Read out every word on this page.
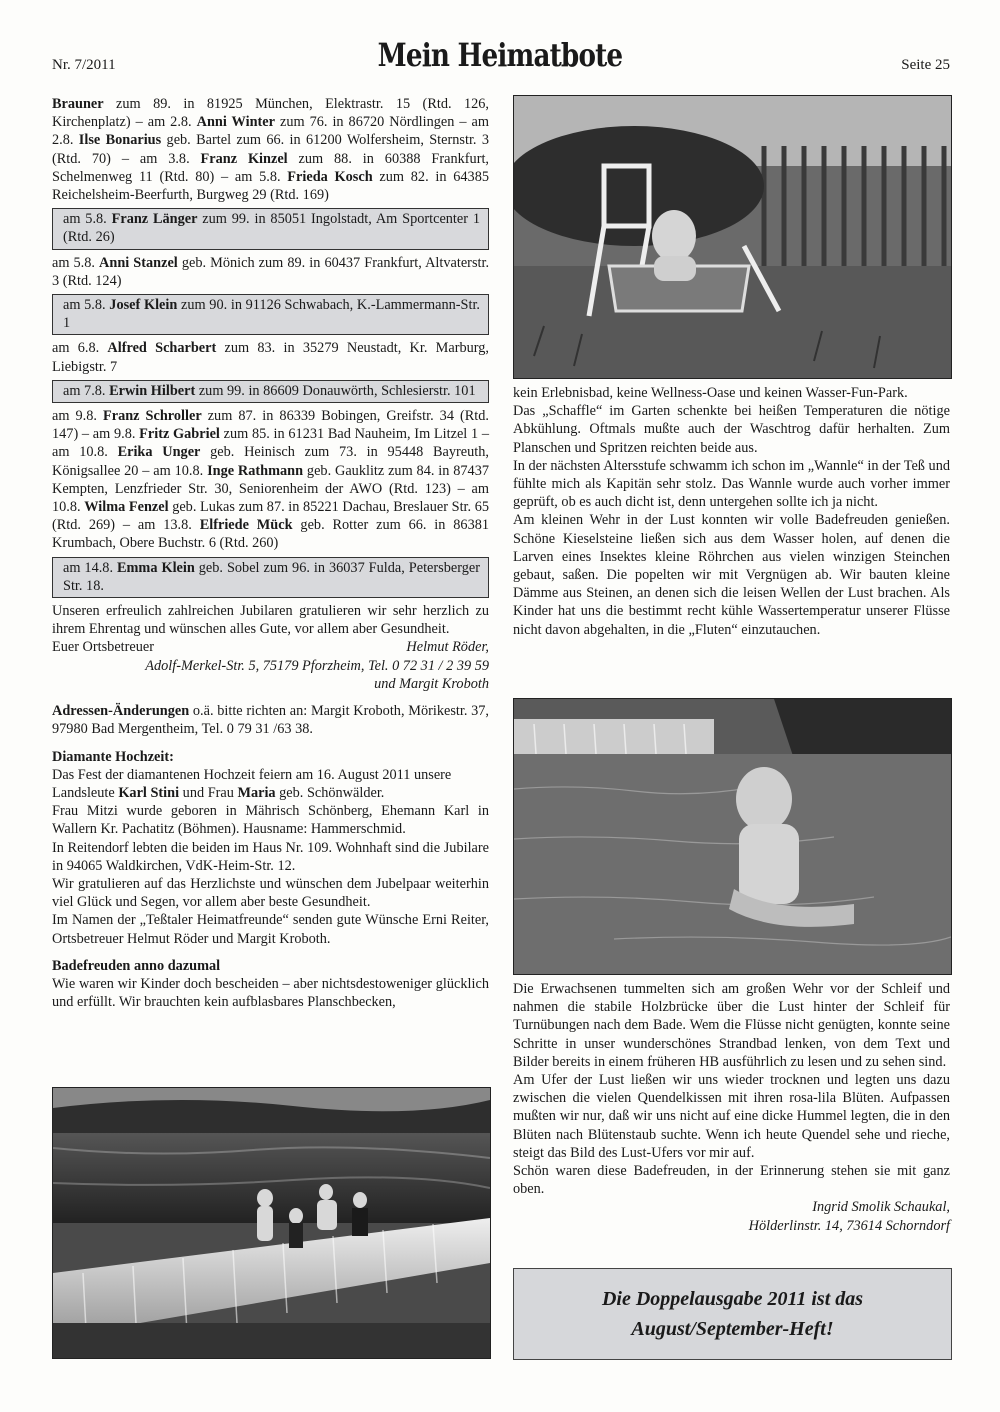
Nr. 7/2011	Mein Heimatbote	Seite 25

Brauner zum 89. in 81925 München, Elektrastr. 15 (Rtd. 126, Kirchenplatz) – am 2.8. Anni Winter zum 76. in 86720 Nördlingen – am 2.8. Ilse Bonarius geb. Bartel zum 66. in 61200 Wolfersheim, Sternstr. 3 (Rtd. 70) – am 3.8. Franz Kinzel zum 88. in 60388 Frankfurt, Schelmenweg 11 (Rtd. 80) – am 5.8. Frieda Kosch zum 82. in 64385 Reichelsheim-Beerfurth, Burgweg 29 (Rtd. 169)

am 5.8. Franz Länger zum 99. in 85051 Ingolstadt, Am Sportcenter 1 (Rtd. 26)

am 5.8. Anni Stanzel geb. Mönich zum 89. in 60437 Frankfurt, Altvaterstr. 3 (Rtd. 124)

am 5.8. Josef Klein zum 90. in 91126 Schwabach, K.-Lammermann-Str. 1

am 6.8. Alfred Scharbert zum 83. in 35279 Neustadt, Kr. Marburg, Liebigstr. 7

am 7.8. Erwin Hilbert zum 99. in 86609 Donauwörth, Schlesierstr. 101

am 9.8. Franz Schroller zum 87. in 86339 Bobingen, Greifstr. 34 (Rtd. 147) – am 9.8. Fritz Gabriel zum 85. in 61231 Bad Nauheim, Im Litzel 1 – am 10.8. Erika Unger geb. Heinisch zum 73. in 95448 Bayreuth, Königsallee 20 – am 10.8. Inge Rathmann geb. Gauklitz zum 84. in 87437 Kempten, Lenzfrieder Str. 30, Seniorenheim der AWO (Rtd. 123) – am 10.8. Wilma Fenzel geb. Lukas zum 87. in 85221 Dachau, Breslauer Str. 65 (Rtd. 269) – am 13.8. Elfriede Mück geb. Rotter zum 66. in 86381 Krumbach, Obere Buchstr. 6 (Rtd. 260)

am 14.8. Emma Klein geb. Sobel zum 96. in 36037 Fulda, Petersberger Str. 18.

Unseren erfreulich zahlreichen Jubilaren gratulieren wir sehr herzlich zu ihrem Ehrentag und wünschen alles Gute, vor allem aber Gesundheit.

Euer Ortsbetreuer	Helmut Röder,

Adolf-Merkel-Str. 5, 75179 Pforzheim, Tel. 0 72 31 / 2 39 59

und Margit Kroboth

Adressen-Änderungen o.ä. bitte richten an: Margit Kroboth, Mörikestr. 37, 97980 Bad Mergentheim, Tel. 0 79 31 /63 38.

Diamante Hochzeit:

Das Fest der diamantenen Hochzeit feiern am 16. August 2011 unsere Landsleute Karl Stini und Frau Maria geb. Schönwälder.

Frau Mitzi wurde geboren in Mährisch Schönberg, Ehemann Karl in Wallern Kr. Pachatitz (Böhmen). Hausname: Hammerschmid.

In Reitendorf lebten die beiden im Haus Nr. 109. Wohnhaft sind die Jubilare in 94065 Waldkirchen, VdK-Heim-Str. 12.

Wir gratulieren auf das Herzlichste und wünschen dem Jubelpaar weiterhin viel Glück und Segen, vor allem aber beste Gesundheit.

Im Namen der „Teßtaler Heimatfreunde“ senden gute Wünsche Erni Reiter, Ortsbetreuer Helmut Röder und Margit Kroboth.

Badefreuden anno dazumal

Wie waren wir Kinder doch bescheiden – aber nichtsdestoweniger glücklich und erfüllt. Wir brauchten kein aufblasbares Planschbecken,

kein Erlebnisbad, keine Wellness-Oase und keinen Wasser-Fun-Park.

Das „Schaffle“ im Garten schenkte bei heißen Temperaturen die nötige Abkühlung. Oftmals mußte auch der Waschtrog dafür herhalten. Zum Planschen und Spritzen reichten beide aus.

In der nächsten Altersstufe schwamm ich schon im „Wannle“ in der Teß und fühlte mich als Kapitän sehr stolz. Das Wannle wurde auch vorher immer geprüft, ob es auch dicht ist, denn untergehen sollte ich ja nicht.

Am kleinen Wehr in der Lust konnten wir volle Badefreuden genießen. Schöne Kieselsteine ließen sich aus dem Wasser holen, auf denen die Larven eines Insektes kleine Röhrchen aus vielen winzigen Steinchen gebaut, saßen. Die popelten wir mit Vergnügen ab. Wir bauten kleine Dämme aus Steinen, an denen sich die leisen Wellen der Lust brachen. Als Kinder hat uns die bestimmt recht kühle Wassertemperatur unserer Flüsse nicht davon abgehalten, in die „Fluten“ einzutauchen.

Die Erwachsenen tummelten sich am großen Wehr vor der Schleif und nahmen die stabile Holzbrücke über die Lust hinter der Schleif für Turnübungen nach dem Bade. Wem die Flüsse nicht genügten, konnte seine Schritte in unser wunderschönes Strandbad lenken, von dem Text und Bilder bereits in einem früheren HB ausführlich zu lesen und zu sehen sind.

Am Ufer der Lust ließen wir uns wieder trocknen und legten uns dazu zwischen die vielen Quendelkissen mit ihren rosa-lila Blüten. Aufpassen mußten wir nur, daß wir uns nicht auf eine dicke Hummel legten, die in den Blüten nach Blütenstaub suchte. Wenn ich heute Quendel sehe und rieche, steigt das Bild des Lust-Ufers vor mir auf.

Schön waren diese Badefreuden, in der Erinnerung stehen sie mit ganz oben.

Ingrid Smolik Schaukal,

Hölderlinstr. 14, 73614 Schorndorf

Die Doppelausgabe 2011 ist das
August/September-Heft!
